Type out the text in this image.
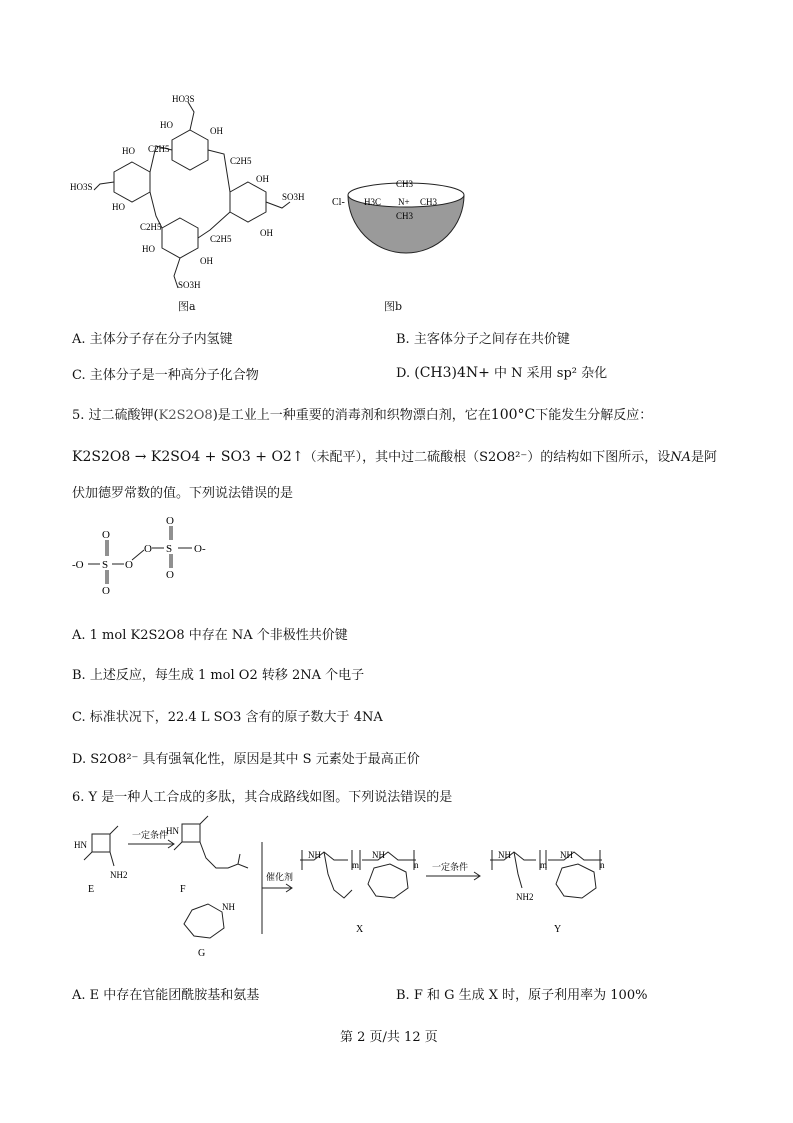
HO3S
HO
OH
C2H5
HO
C2H5
HO3S
OH
HO
SO3H
C2H5
OH
HO
C2H5
OH
SO3H
图a
Cl-
CH3
H3C N+ CH3
CH3
图b
A. 主体分子存在分子内氢键	B. 主客体分子之间存在共价键
C. 主体分子是一种高分子化合物	D. (CH3)4N+ 中 N 采用 sp² 杂化
5. 过二硫酸钾(K2S2O8)是工业上一种重要的消毒剂和织物漂白剂，它在100°C下能发生分解反应：
K2S2O8 → K2SO4 + SO3 + O2↑（未配平），其中过二硫酸根（S2O8²⁻）的结构如下图所示，设NA是阿
伏加德罗常数的值。下列说法错误的是
-O S
O
O
O
O S
O
O
O-
A. 1 mol K2S2O8 中存在 NA 个非极性共价键
B. 上述反应，每生成 1 mol O2 转移 2NA 个电子
C. 标准状况下，22.4 L SO3 含有的原子数大于 4NA
D. S2O8²⁻ 具有强氧化性，原因是其中 S 元素处于最高正价
6. Y 是一种人工合成的多肽，其合成路线如图。下列说法错误的是
HN
NH2
E
一定条件
HN
F
NH
G
催化剂
NH
m
NH
n
X
一定条件
NH
m
NH
n
NH2
Y
A. E 中存在官能团酰胺基和氨基	B. F 和 G 生成 X 时，原子利用率为 100%
第 2 页/共 12 页
